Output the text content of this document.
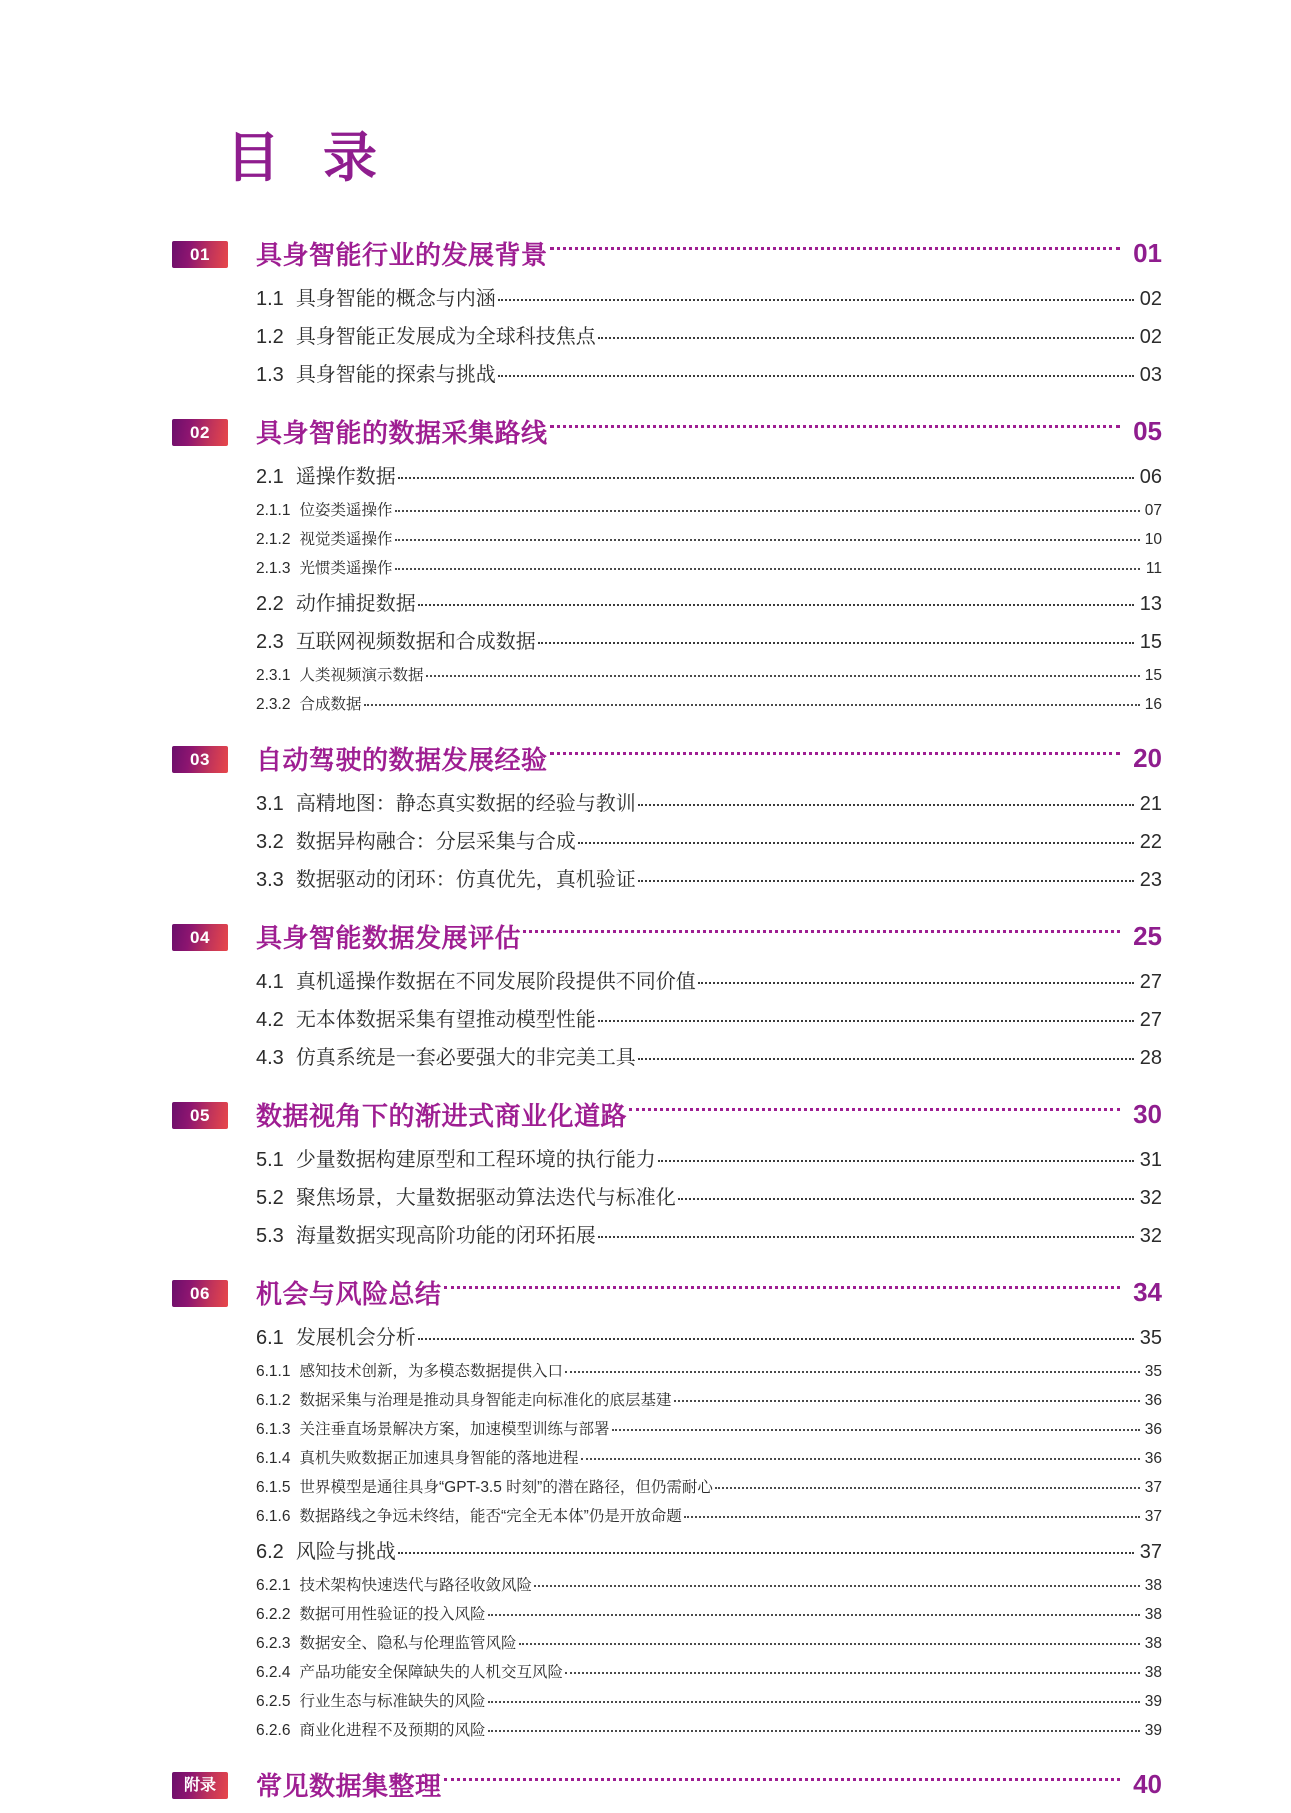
目 录
01	具身智能行业的发展背景	01
1.1 具身智能的概念与内涵	02
1.2 具身智能正发展成为全球科技焦点	02
1.3 具身智能的探索与挑战	03
02	具身智能的数据采集路线	05
2.1 遥操作数据	06
2.1.1 位姿类遥操作	07
2.1.2 视觉类遥操作	10
2.1.3 光惯类遥操作	11
2.2 动作捕捉数据	13
2.3 互联网视频数据和合成数据	15
2.3.1 人类视频演示数据	15
2.3.2 合成数据	16
03	自动驾驶的数据发展经验	20
3.1 高精地图：静态真实数据的经验与教训	21
3.2 数据异构融合：分层采集与合成	22
3.3 数据驱动的闭环：仿真优先，真机验证	23
04	具身智能数据发展评估	25
4.1 真机遥操作数据在不同发展阶段提供不同价值	27
4.2 无本体数据采集有望推动模型性能	27
4.3 仿真系统是一套必要强大的非完美工具	28
05	数据视角下的渐进式商业化道路	30
5.1 少量数据构建原型和工程环境的执行能力	31
5.2 聚焦场景，大量数据驱动算法迭代与标准化	32
5.3 海量数据实现高阶功能的闭环拓展	32
06	机会与风险总结	34
6.1 发展机会分析	35
6.1.1 感知技术创新，为多模态数据提供入口	35
6.1.2 数据采集与治理是推动具身智能走向标准化的底层基建	36
6.1.3 关注垂直场景解决方案，加速模型训练与部署	36
6.1.4 真机失败数据正加速具身智能的落地进程	36
6.1.5 世界模型是通往具身“GPT-3.5 时刻”的潜在路径，但仍需耐心	37
6.1.6 数据路线之争远未终结，能否“完全无本体”仍是开放命题	37
6.2 风险与挑战	37
6.2.1 技术架构快速迭代与路径收敛风险	38
6.2.2 数据可用性验证的投入风险	38
6.2.3 数据安全、隐私与伦理监管风险	38
6.2.4 产品功能安全保障缺失的人机交互风险	38
6.2.5 行业生态与标准缺失的风险	39
6.2.6 商业化进程不及预期的风险	39
附录	常见数据集整理	40
